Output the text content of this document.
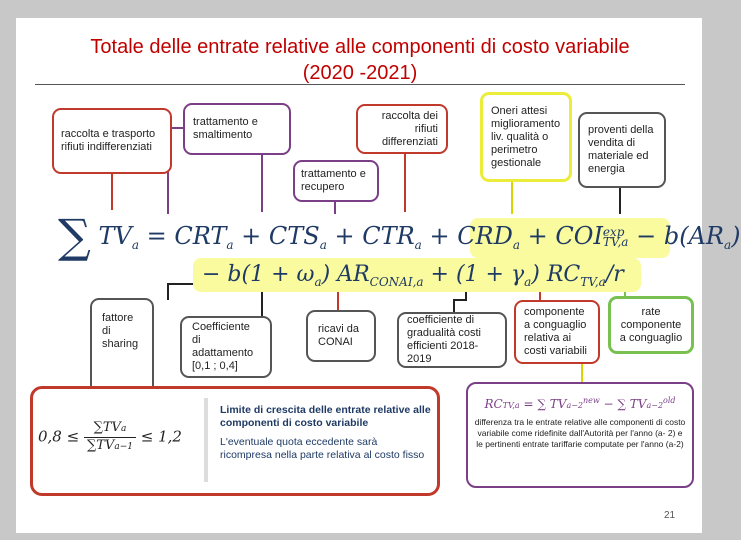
Totale delle entrate relative alle componenti di costo variabile
(2020 -2021)
raccolta e trasporto rifiuti indifferenziati
trattamento e smaltimento
raccolta dei rifiuti differenziati
trattamento e recupero
Oneri attesi miglioramento liv. qualità o perimetro gestionale
proventi della vendita di materiale ed energia
∑ $TV_a = CRT_a + CTS_a + CTR_a + CRD_a$ + COI exp
$TV,a - b(AR_a)$
− $b(1 + \omega_a)$ $AR_{CONAI,a} + (1 + \gamma_a)$ $RC_{TV,a}/r$
fattore di sharing
Coefficiente di adattamento [0,1 ; 0,4]
ricavi da CONAI
coefficiente di gradualità costi efficienti 2018-2019
componente a conguaglio relativa ai costi variabili
rate componente a conguaglio
0,8 ≤	∑TVa
∑TVa−1
≤ 1,2
Limite di crescita delle entrate relative alle componenti di costo variabile
L'eventuale quota eccedente sarà ricompresa nella parte relativa al costo fisso
RCTV,a = ∑ $TVa-2^{new}$ − ∑ $TVa-2^{old}$
differenza tra le entrate relative alle componenti di costo variabile come ridefinite dall'Autorità per l'anno (a- 2) e le pertinenti entrate tariffarie computate per l'anno (a-2)
21
